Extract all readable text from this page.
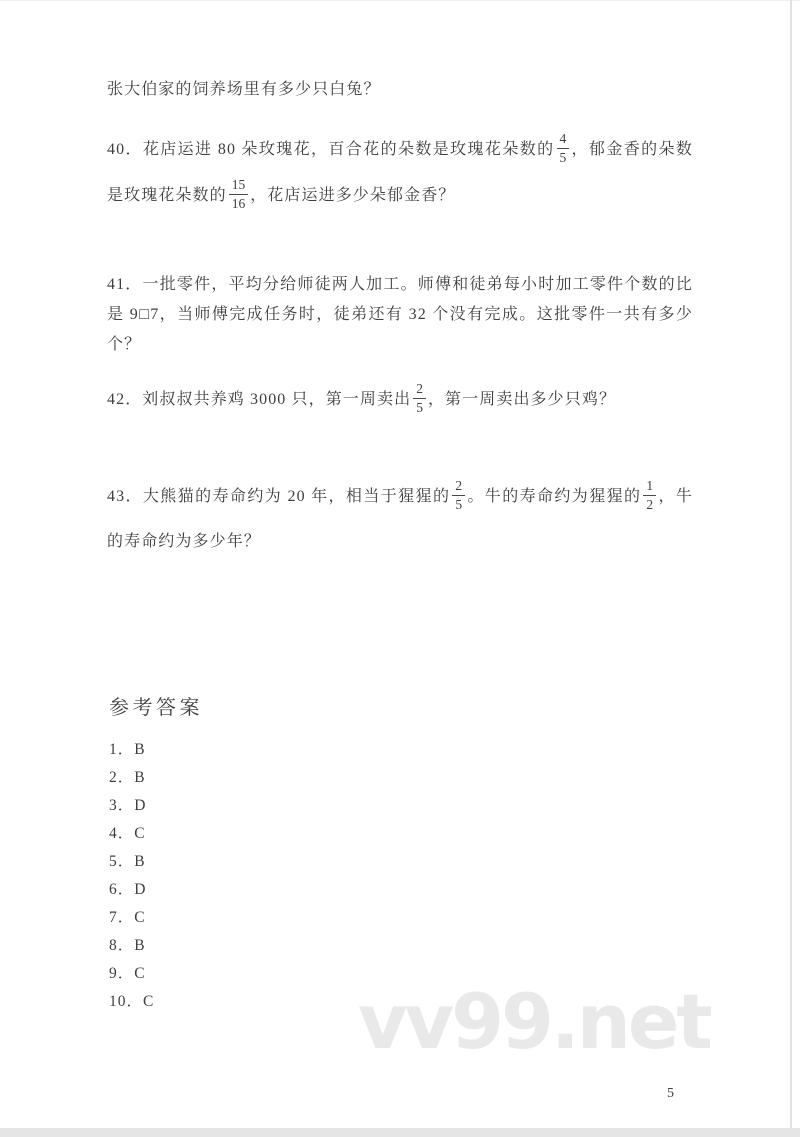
张大伯家的饲养场里有多少只白兔？
40．花店运进 80 朵玫瑰花，百合花的朵数是玫瑰花朵数的 $\frac{4}{5}$ ，郁金香的朵数是玫瑰花朵数的 $\frac{15}{16}$ ，花店运进多少朵郁金香？
41．一批零件，平均分给师徒两人加工。师傅和徒弟每小时加工零件个数的比是 9□7，当师傅完成任务时，徒弟还有 32 个没有完成。这批零件一共有多少个？
42．刘叔叔共养鸡 3000 只，第一周卖出 $\frac{2}{5}$ ，第一周卖出多少只鸡？
43．大熊猫的寿命约为 20 年，相当于猩猩的 $\frac{2}{5}$ 。牛的寿命约为猩猩的 $\frac{1}{2}$ ，牛的寿命约为多少年？
参考答案
1．B
2．B
3．D
4．C
5．B
6．D
7．C
8．B
9．C
10．C	vv99.net
5
